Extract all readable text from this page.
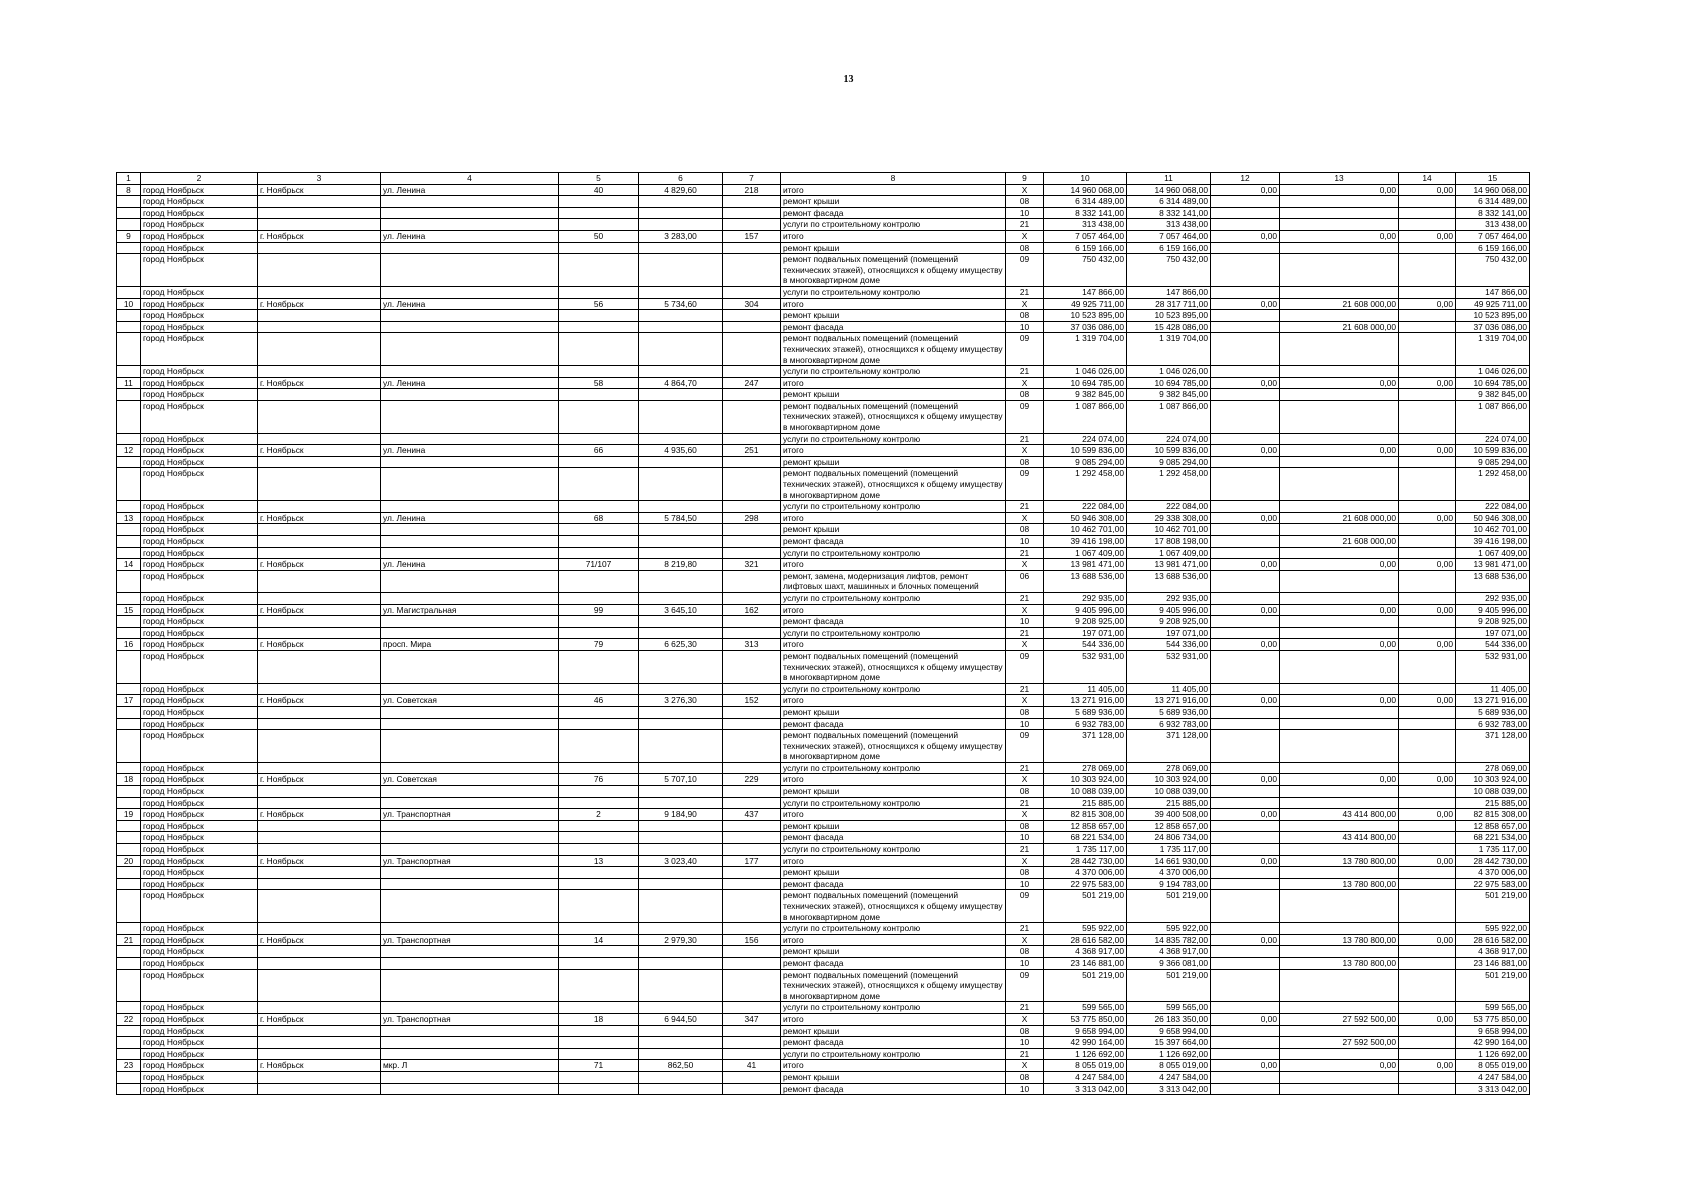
13
1	2	3	4	5	6	7	8	9	10	11	12	13	14	15
8	город Ноябрьск	г. Ноябрьск	ул. Ленина	40	4 829,60	218	итого	X	14 960 068,00	14 960 068,00	0,00	0,00	0,00	14 960 068,00
	город Ноябрьск						ремонт крыши	08	6 314 489,00	6 314 489,00				6 314 489,00
	город Ноябрьск						ремонт фасада	10	8 332 141,00	8 332 141,00				8 332 141,00
	город Ноябрьск						услуги по строительному контролю	21	313 438,00	313 438,00				313 438,00
9	город Ноябрьск	г. Ноябрьск	ул. Ленина	50	3 283,00	157	итого	X	7 057 464,00	7 057 464,00	0,00	0,00	0,00	7 057 464,00
	город Ноябрьск						ремонт крыши	08	6 159 166,00	6 159 166,00				6 159 166,00
	город Ноябрьск						ремонт подвальных помещений (помещений технических этажей), относящихся к общему имуществу в многоквартирном доме	09	750 432,00	750 432,00				750 432,00
	город Ноябрьск						услуги по строительному контролю	21	147 866,00	147 866,00				147 866,00
10	город Ноябрьск	г. Ноябрьск	ул. Ленина	56	5 734,60	304	итого	X	49 925 711,00	28 317 711,00	0,00	21 608 000,00	0,00	49 925 711,00
	город Ноябрьск						ремонт крыши	08	10 523 895,00	10 523 895,00				10 523 895,00
	город Ноябрьск						ремонт фасада	10	37 036 086,00	15 428 086,00		21 608 000,00		37 036 086,00
	город Ноябрьск						ремонт подвальных помещений (помещений технических этажей), относящихся к общему имуществу в многоквартирном доме	09	1 319 704,00	1 319 704,00				1 319 704,00
	город Ноябрьск						услуги по строительному контролю	21	1 046 026,00	1 046 026,00				1 046 026,00
11	город Ноябрьск	г. Ноябрьск	ул. Ленина	58	4 864,70	247	итого	X	10 694 785,00	10 694 785,00	0,00	0,00	0,00	10 694 785,00
	город Ноябрьск						ремонт крыши	08	9 382 845,00	9 382 845,00				9 382 845,00
	город Ноябрьск						ремонт подвальных помещений (помещений технических этажей), относящихся к общему имуществу в многоквартирном доме	09	1 087 866,00	1 087 866,00				1 087 866,00
	город Ноябрьск						услуги по строительному контролю	21	224 074,00	224 074,00				224 074,00
12	город Ноябрьск	г. Ноябрьск	ул. Ленина	66	4 935,60	251	итого	X	10 599 836,00	10 599 836,00	0,00	0,00	0,00	10 599 836,00
	город Ноябрьск						ремонт крыши	08	9 085 294,00	9 085 294,00				9 085 294,00
	город Ноябрьск						ремонт подвальных помещений (помещений технических этажей), относящихся к общему имуществу в многоквартирном доме	09	1 292 458,00	1 292 458,00				1 292 458,00
	город Ноябрьск						услуги по строительному контролю	21	222 084,00	222 084,00				222 084,00
13	город Ноябрьск	г. Ноябрьск	ул. Ленина	68	5 784,50	298	итого	X	50 946 308,00	29 338 308,00	0,00	21 608 000,00	0,00	50 946 308,00
	город Ноябрьск						ремонт крыши	08	10 462 701,00	10 462 701,00				10 462 701,00
	город Ноябрьск						ремонт фасада	10	39 416 198,00	17 808 198,00		21 608 000,00		39 416 198,00
	город Ноябрьск						услуги по строительному контролю	21	1 067 409,00	1 067 409,00				1 067 409,00
14	город Ноябрьск	г. Ноябрьск	ул. Ленина	71/107	8 219,80	321	итого	X	13 981 471,00	13 981 471,00	0,00	0,00	0,00	13 981 471,00
	город Ноябрьск						ремонт, замена, модернизация лифтов, ремонт лифтовых шахт, машинных и блочных помещений	06	13 688 536,00	13 688 536,00				13 688 536,00
	город Ноябрьск						услуги по строительному контролю	21	292 935,00	292 935,00				292 935,00
15	город Ноябрьск	г. Ноябрьск	ул. Магистральная	99	3 645,10	162	итого	X	9 405 996,00	9 405 996,00	0,00	0,00	0,00	9 405 996,00
	город Ноябрьск						ремонт фасада	10	9 208 925,00	9 208 925,00				9 208 925,00
	город Ноябрьск						услуги по строительному контролю	21	197 071,00	197 071,00				197 071,00
16	город Ноябрьск	г. Ноябрьск	просп. Мира	79	6 625,30	313	итого	X	544 336,00	544 336,00	0,00	0,00	0,00	544 336,00
	город Ноябрьск						ремонт подвальных помещений (помещений технических этажей), относящихся к общему имуществу в многоквартирном доме	09	532 931,00	532 931,00				532 931,00
	город Ноябрьск						услуги по строительному контролю	21	11 405,00	11 405,00				11 405,00
17	город Ноябрьск	г. Ноябрьск	ул. Советская	46	3 276,30	152	итого	X	13 271 916,00	13 271 916,00	0,00	0,00	0,00	13 271 916,00
	город Ноябрьск						ремонт крыши	08	5 689 936,00	5 689 936,00				5 689 936,00
	город Ноябрьск						ремонт фасада	10	6 932 783,00	6 932 783,00				6 932 783,00
	город Ноябрьск						ремонт подвальных помещений (помещений технических этажей), относящихся к общему имуществу в многоквартирном доме	09	371 128,00	371 128,00				371 128,00
	город Ноябрьск						услуги по строительному контролю	21	278 069,00	278 069,00				278 069,00
18	город Ноябрьск	г. Ноябрьск	ул. Советская	76	5 707,10	229	итого	X	10 303 924,00	10 303 924,00	0,00	0,00	0,00	10 303 924,00
	город Ноябрьск						ремонт крыши	08	10 088 039,00	10 088 039,00				10 088 039,00
	город Ноябрьск						услуги по строительному контролю	21	215 885,00	215 885,00				215 885,00
19	город Ноябрьск	г. Ноябрьск	ул. Транспортная	2	9 184,90	437	итого	X	82 815 308,00	39 400 508,00	0,00	43 414 800,00	0,00	82 815 308,00
	город Ноябрьск						ремонт крыши	08	12 858 657,00	12 858 657,00				12 858 657,00
	город Ноябрьск						ремонт фасада	10	68 221 534,00	24 806 734,00		43 414 800,00		68 221 534,00
	город Ноябрьск						услуги по строительному контролю	21	1 735 117,00	1 735 117,00				1 735 117,00
20	город Ноябрьск	г. Ноябрьск	ул. Транспортная	13	3 023,40	177	итого	X	28 442 730,00	14 661 930,00	0,00	13 780 800,00	0,00	28 442 730,00
	город Ноябрьск						ремонт крыши	08	4 370 006,00	4 370 006,00				4 370 006,00
	город Ноябрьск						ремонт фасада	10	22 975 583,00	9 194 783,00		13 780 800,00		22 975 583,00
	город Ноябрьск						ремонт подвальных помещений (помещений технических этажей), относящихся к общему имуществу в многоквартирном доме	09	501 219,00	501 219,00				501 219,00
	город Ноябрьск						услуги по строительному контролю	21	595 922,00	595 922,00				595 922,00
21	город Ноябрьск	г. Ноябрьск	ул. Транспортная	14	2 979,30	156	итого	X	28 616 582,00	14 835 782,00	0,00	13 780 800,00	0,00	28 616 582,00
	город Ноябрьск						ремонт крыши	08	4 368 917,00	4 368 917,00				4 368 917,00
	город Ноябрьск						ремонт фасада	10	23 146 881,00	9 366 081,00		13 780 800,00		23 146 881,00
	город Ноябрьск						ремонт подвальных помещений (помещений технических этажей), относящихся к общему имуществу в многоквартирном доме	09	501 219,00	501 219,00				501 219,00
	город Ноябрьск						услуги по строительному контролю	21	599 565,00	599 565,00				599 565,00
22	город Ноябрьск	г. Ноябрьск	ул. Транспортная	18	6 944,50	347	итого	X	53 775 850,00	26 183 350,00	0,00	27 592 500,00	0,00	53 775 850,00
	город Ноябрьск						ремонт крыши	08	9 658 994,00	9 658 994,00				9 658 994,00
	город Ноябрьск						ремонт фасада	10	42 990 164,00	15 397 664,00		27 592 500,00		42 990 164,00
	город Ноябрьск						услуги по строительному контролю	21	1 126 692,00	1 126 692,00				1 126 692,00
23	город Ноябрьск	г. Ноябрьск	мкр. Л	71	862,50	41	итого	X	8 055 019,00	8 055 019,00	0,00	0,00	0,00	8 055 019,00
	город Ноябрьск						ремонт крыши	08	4 247 584,00	4 247 584,00				4 247 584,00
	город Ноябрьск						ремонт фасада	10	3 313 042,00	3 313 042,00				3 313 042,00
